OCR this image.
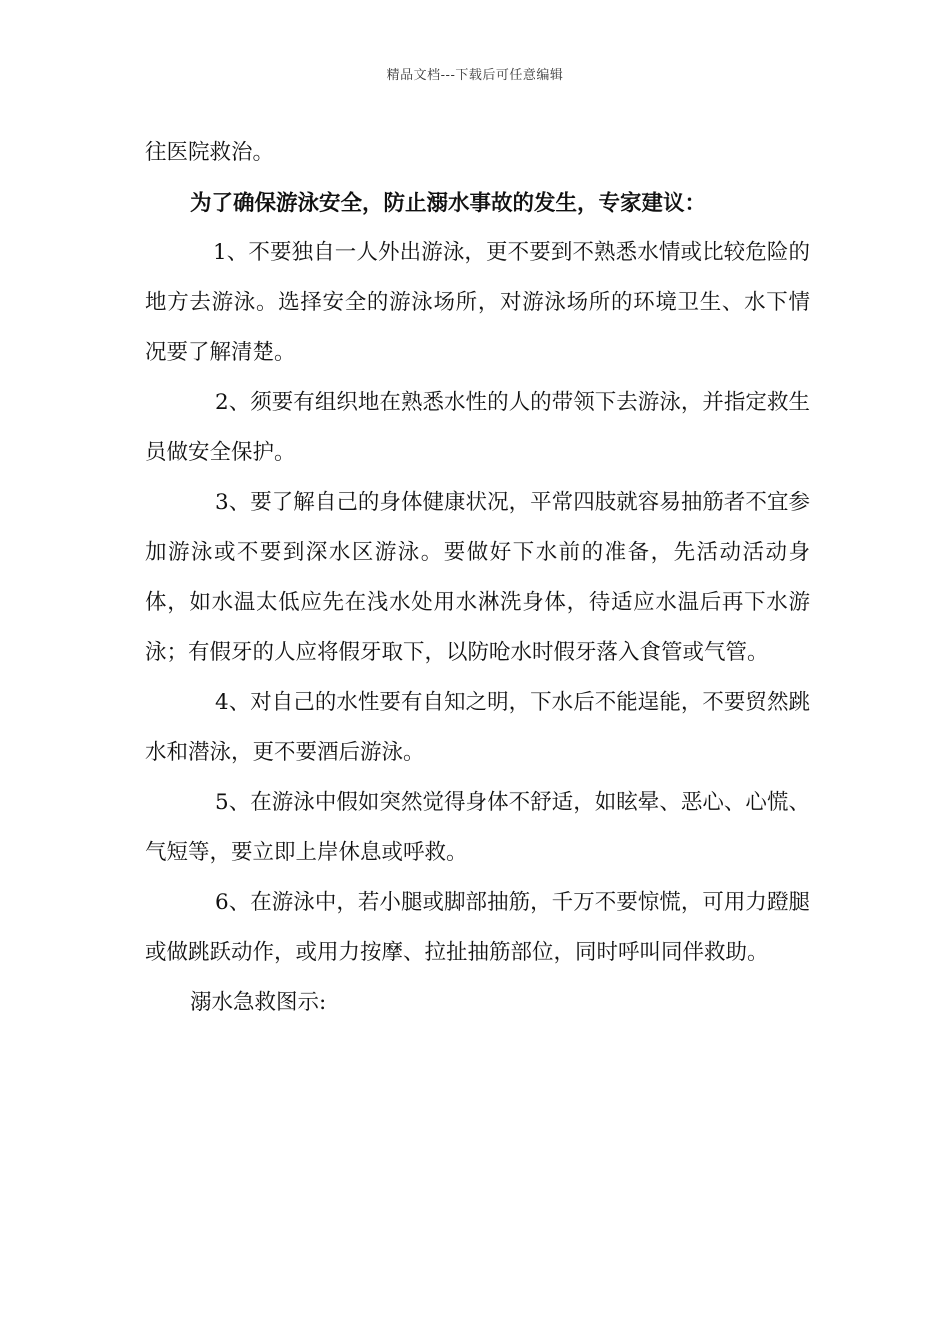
精品文档---下载后可任意编辑

往医院救治。

为了确保游泳安全，防止溺水事故的发生，专家建议：

1、不要独自一人外出游泳，更不要到不熟悉水情或比较危险的地方去游泳。选择安全的游泳场所，对游泳场所的环境卫生、水下情况要了解清楚。

2、须要有组织地在熟悉水性的人的带领下去游泳，并指定救生员做安全保护。

3、要了解自己的身体健康状况，平常四肢就容易抽筋者不宜参加游泳或不要到深水区游泳。要做好下水前的准备，先活动活动身体，如水温太低应先在浅水处用水淋洗身体，待适应水温后再下水游泳；有假牙的人应将假牙取下，以防呛水时假牙落入食管或气管。

4、对自己的水性要有自知之明，下水后不能逞能，不要贸然跳水和潜泳，更不要酒后游泳。

5、在游泳中假如突然觉得身体不舒适，如眩晕、恶心、心慌、气短等，要立即上岸休息或呼救。

6、在游泳中，若小腿或脚部抽筋，千万不要惊慌，可用力蹬腿或做跳跃动作，或用力按摩、拉扯抽筋部位，同时呼叫同伴救助。

溺水急救图示:
